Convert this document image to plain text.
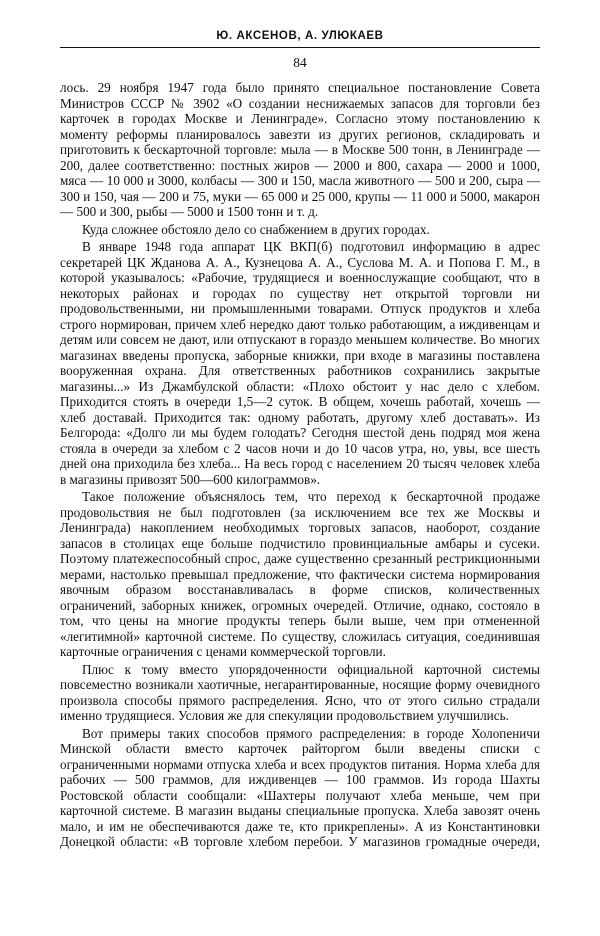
Ю. АКСЕНОВ, А. УЛЮКАЕВ
84

лось. 29 ноября 1947 года было принято специальное постановление Совета Министров СССР № 3902 «О создании неснижаемых запасов для торговли без карточек в городах Москве и Ленинграде». Согласно этому постановлению к моменту реформы планировалось завезти из других регионов, складировать и приготовить к бескарточной торговле: мыла — в Москве 500 тонн, в Ленинграде — 200, далее соответственно: постных жиров — 2000 и 800, сахара — 2000 и 1000, мяса — 10 000 и 3000, колбасы — 300 и 150, масла животного — 500 и 200, сыра — 300 и 150, чая — 200 и 75, муки — 65 000 и 25 000, крупы — 11 000 и 5000, макарон — 500 и 300, рыбы — 5000 и 1500 тонн и т. д.

Куда сложнее обстояло дело со снабжением в других городах.

В январе 1948 года аппарат ЦК ВКП(б) подготовил информацию в адрес секретарей ЦК Жданова А. А., Кузнецова А. А., Суслова М. А. и Попова Г. М., в которой указывалось: «Рабочие, трудящиеся и военнослужащие сообщают, что в некоторых районах и городах по существу нет открытой торговли ни продовольственными, ни промышленными товарами. Отпуск продуктов и хлеба строго нормирован, причем хлеб нередко дают только работающим, а иждивенцам и детям или совсем не дают, или отпускают в гораздо меньшем количестве. Во многих магазинах введены пропуска, заборные книжки, при входе в магазины поставлена вооруженная охрана. Для ответственных работников сохранились закрытые магазины...» Из Джамбулской области: «Плохо обстоит у нас дело с хлебом. Приходится стоять в очереди 1,5—2 суток. В общем, хочешь работай, хочешь — хлеб доставай. Приходится так: одному работать, другому хлеб доставать». Из Белгорода: «Долго ли мы будем голодать? Сегодня шестой день подряд моя жена стояла в очереди за хлебом с 2 часов ночи и до 10 часов утра, но, увы, все шесть дней она приходила без хлеба... На весь город с населением 20 тысяч человек хлеба в магазины привозят 500—600 килограммов».

Такое положение объяснялось тем, что переход к бескарточной продаже продовольствия не был подготовлен (за исключением все тех же Москвы и Ленинграда) накоплением необходимых торговых запасов, наоборот, создание запасов в столицах еще больше подчистило провинциальные амбары и сусеки. Поэтому платежеспособный спрос, даже существенно срезанный рестрикционными мерами, настолько превышал предложение, что фактически система нормирования явочным образом восстанавливалась в форме списков, количественных ограничений, заборных книжек, огромных очередей. Отличие, однако, состояло в том, что цены на многие продукты теперь были выше, чем при отмененной «легитимной» карточной системе. По существу, сложилась ситуация, соединившая карточные ограничения с ценами коммерческой торговли.

Плюс к тому вместо упорядоченности официальной карточной системы повсеместно возникали хаотичные, негарантированные, носящие форму очевидного произвола способы прямого распределения. Ясно, что от этого сильно страдали именно трудящиеся. Условия же для спекуляции продовольствием улучшились.

Вот примеры таких способов прямого распределения: в городе Холопеничи Минской области вместо карточек райторгом были введены списки с ограниченными нормами отпуска хлеба и всех продуктов питания. Норма хлеба для рабочих — 500 граммов, для иждивенцев — 100 граммов. Из города Шахты Ростовской области сообщали: «Шахтеры получают хлеба меньше, чем при карточной системе. В магазин выданы специальные пропуска. Хлеба завозят очень мало, и им не обеспечиваются даже те, кто прикреплены». А из Константиновки Донецкой области: «В торговле хлебом перебои. У магазинов громадные очереди,
